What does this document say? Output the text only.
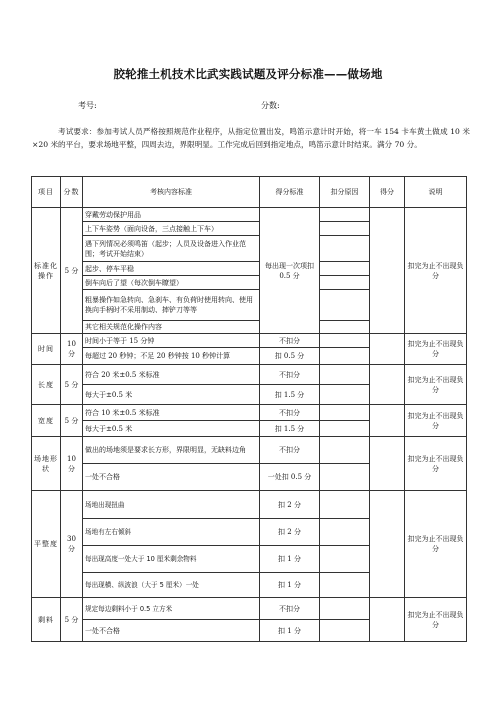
胶轮推土机技术比武实践试题及评分标准——做场地
考号:	分数:
考试要求：参加考试人员严格按照规范作业程序，从指定位置出发，鸣笛示意计时开始，将一车 154 卡车黄土做成 10 米×20 米的平台，要求场地平整，四周去边，界限明显。工作完成后回到指定地点，鸣笛示意计时结束。满分 70 分。
项目	分数	考核内容标准	得分标准	扣分原因	得分	说明
标准化操作	5 分	穿戴劳动保护用品	每出现一次项扣 0.5 分			扣完为止不出现负分
		上下车姿势（面向设备，三点接触上下车）				
		遇下列情况必须鸣笛（起步；人员及设备进入作业范围；考试开始结束）				
		起步、停车平稳				
		倒车向后了望（每次倒车瞭望）				
		粗暴操作如急转向、急刹车、有负荷时使用转向、使用换向手柄时不采用制动、摔铲刀等等				
		其它相关规范化操作内容				
时间	10 分	时间小于等于 15 分钟	不扣分			扣完为止不出现负分
		每超过 20 秒钟；不足 20 秒钟按 10 秒钟计算	扣 0.5 分			
长度	5 分	符合 20 米±0.5 米标准	不扣分			扣完为止不出现负分
		每大于±0.5 米	扣 1.5 分			
宽度	5 分	符合 10 米±0.5 米标准	不扣分			扣完为止不出现负分
		每大于±0.5 米	扣 1.5 分			
场地形状	10 分	做出的场地须是要求长方形，界限明显，无缺料边角	不扣分			扣完为止不出现负分
		一处不合格	一处扣 0.5 分			
平整度	30 分	场地出现扭曲	扣 2 分			扣完为止不出现负分
		场地有左右倾斜	扣 2 分			
		每出现高度一处大于 10 厘米剩余物料	扣 1 分			
		每出现横、纵波浪（大于 5 厘米）一处	扣 1 分			
剩料	5 分	规定每边剩料小于 0.5 立方米	不扣分			扣完为止不出现负分
		一处不合格	扣 1 分			
